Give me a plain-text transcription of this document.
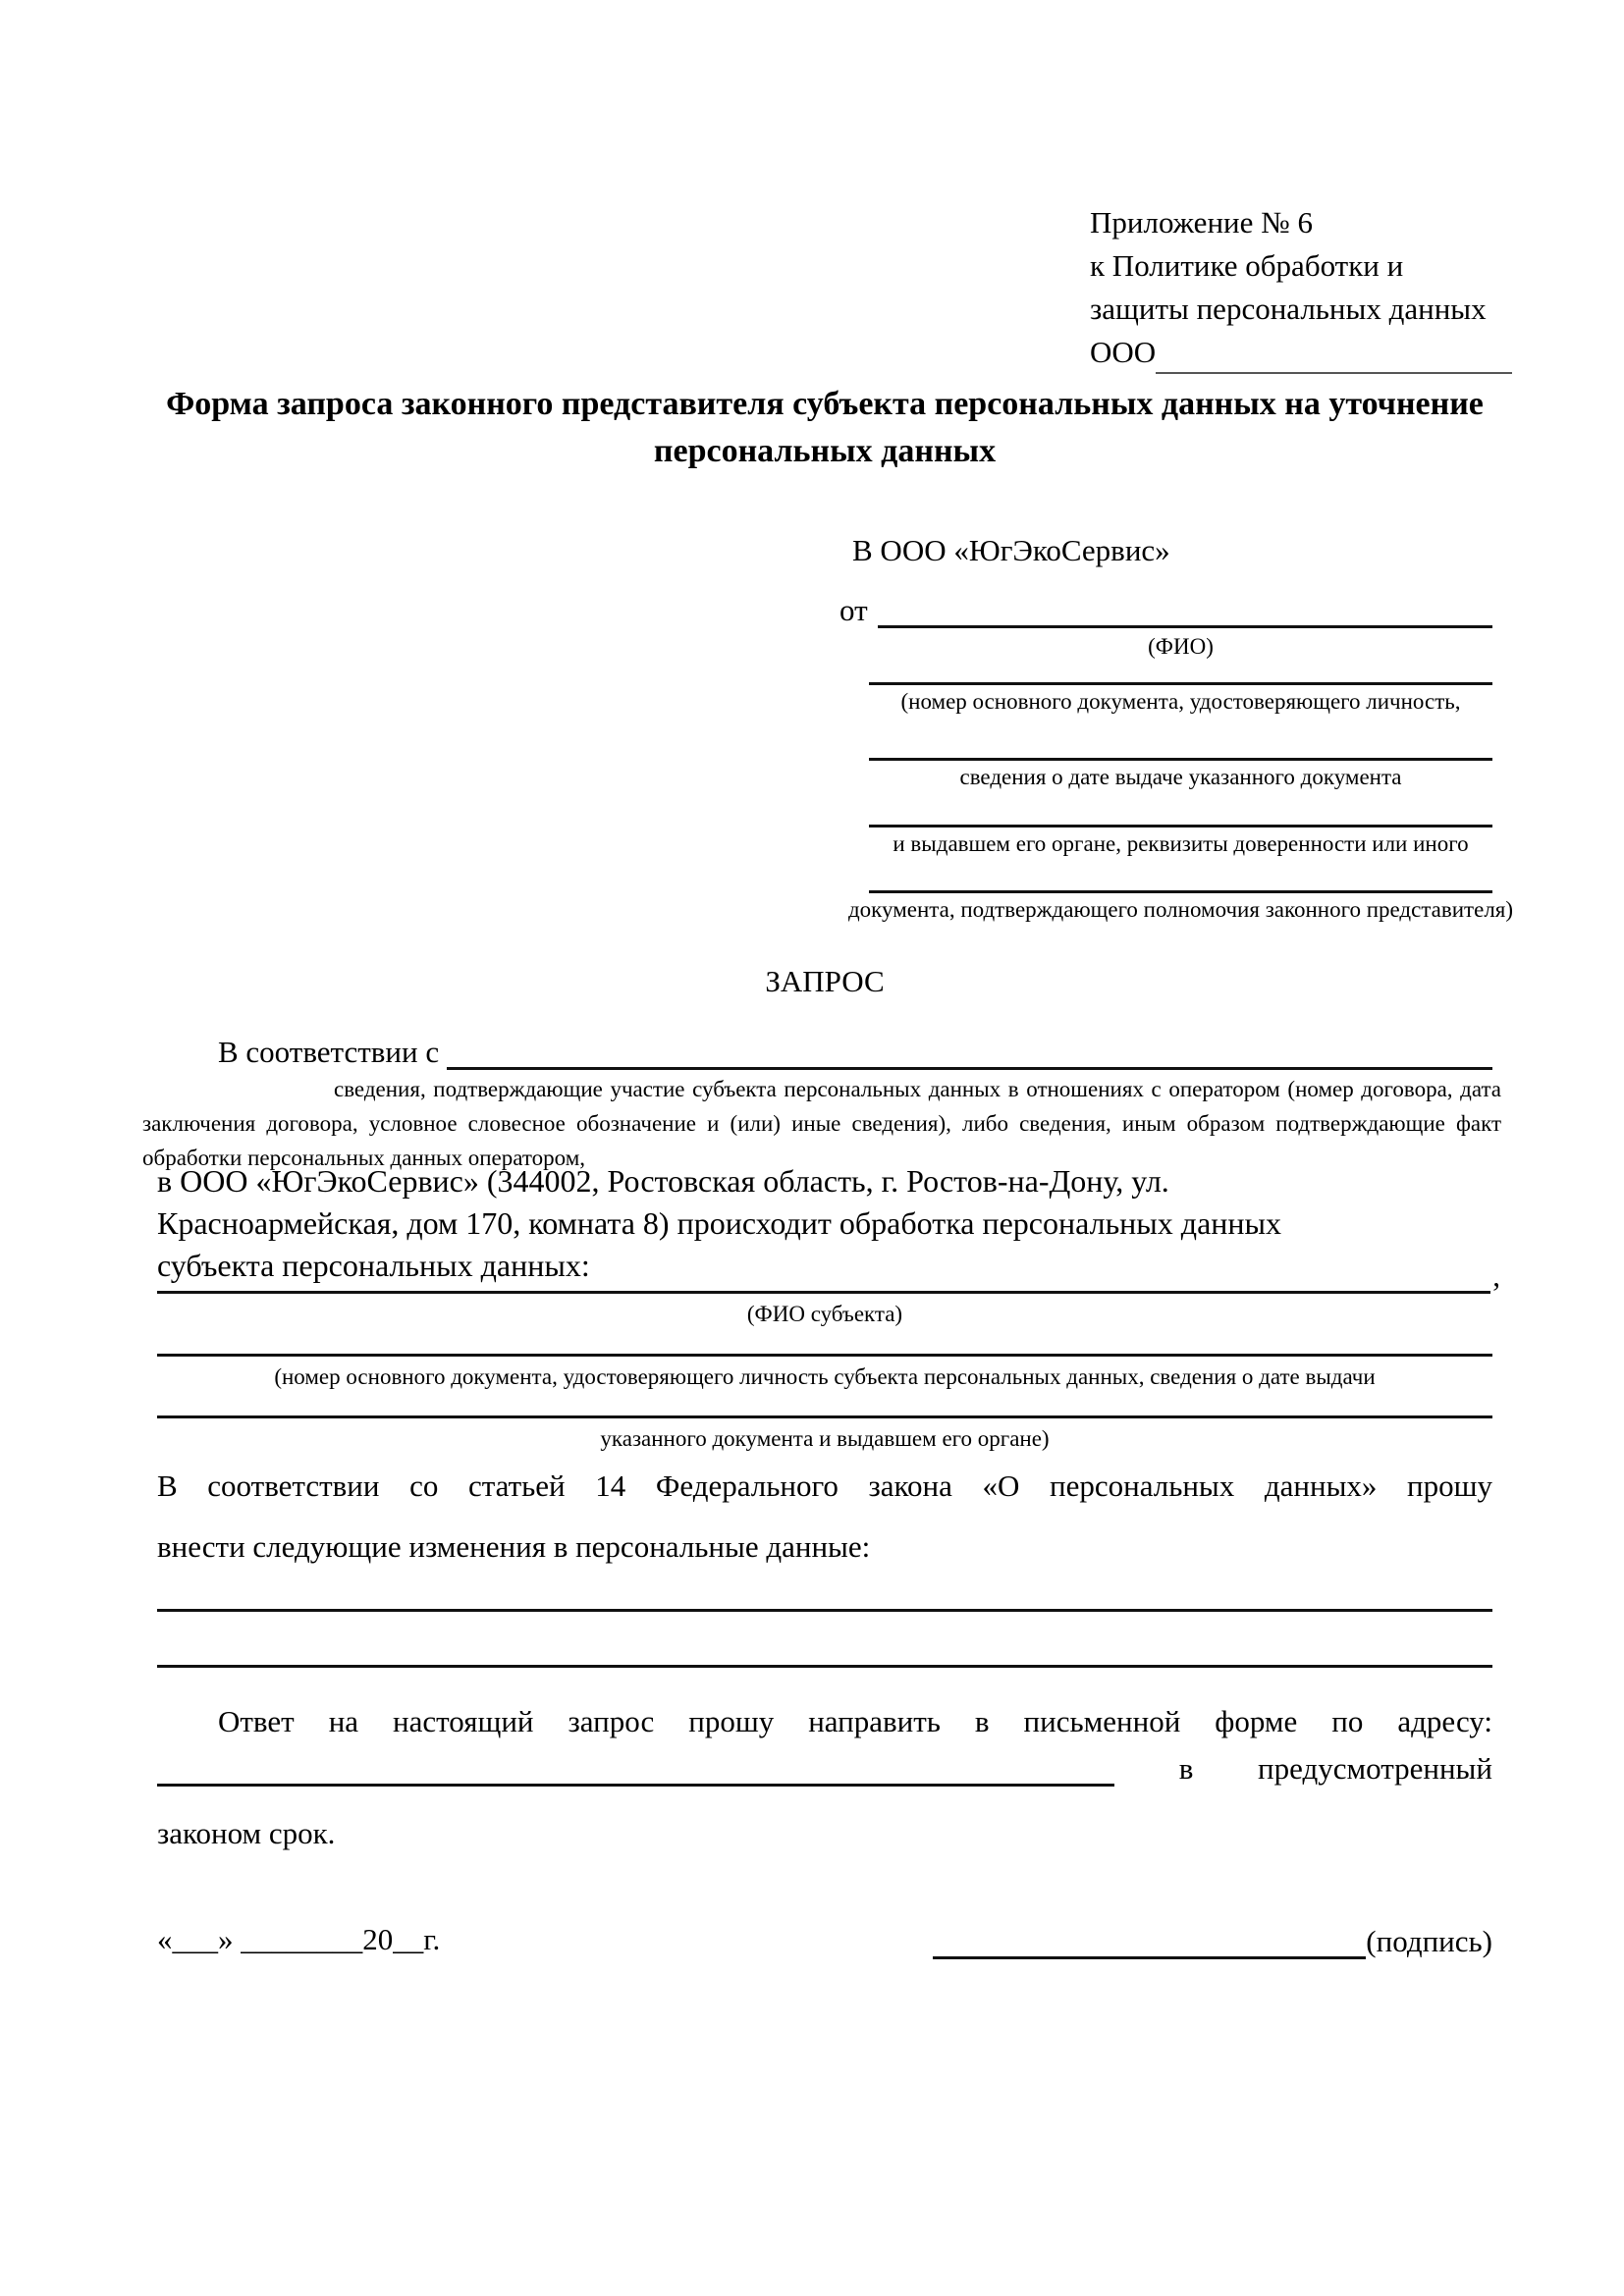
Приложение № 6
к Политике обработки и
защиты персональных данных
ООО
Форма запроса законного представителя субъекта персональных данных на уточнение персональных данных
В ООО «ЮгЭкоСервис»
от
(ФИО)
(номер основного документа, удостоверяющего личность,
сведения о дате выдаче указанного документа
и выдавшем его органе, реквизиты доверенности или иного
документа, подтверждающего полномочия законного представителя)
ЗАПРОС
В соответствии с
сведения, подтверждающие участие субъекта персональных данных в отношениях с оператором (номер договора, дата
заключения договора, условное словесное обозначение и (или) иные сведения), либо сведения, иным образом подтверждающие факт
обработки персональных данных оператором,
в ООО «ЮгЭкоСервис» (344002, Ростовская область, г. Ростов-на-Дону, ул.
Красноармейская, дом 170, комната 8) происходит обработка персональных данных
субъекта персональных данных:	,
(ФИО субъекта)
(номер основного документа, удостоверяющего личность субъекта персональных данных, сведения о дате выдачи
указанного документа и выдавшем его органе)
В соответствии со статьей 14 Федерального закона «О персональных данных» прошу
внести следующие изменения в персональные данные:
Ответ на настоящий запрос прошу направить в письменной форме по адресу:
в предусмотренный
законом срок.
«___» ________20__г.	(подпись)
